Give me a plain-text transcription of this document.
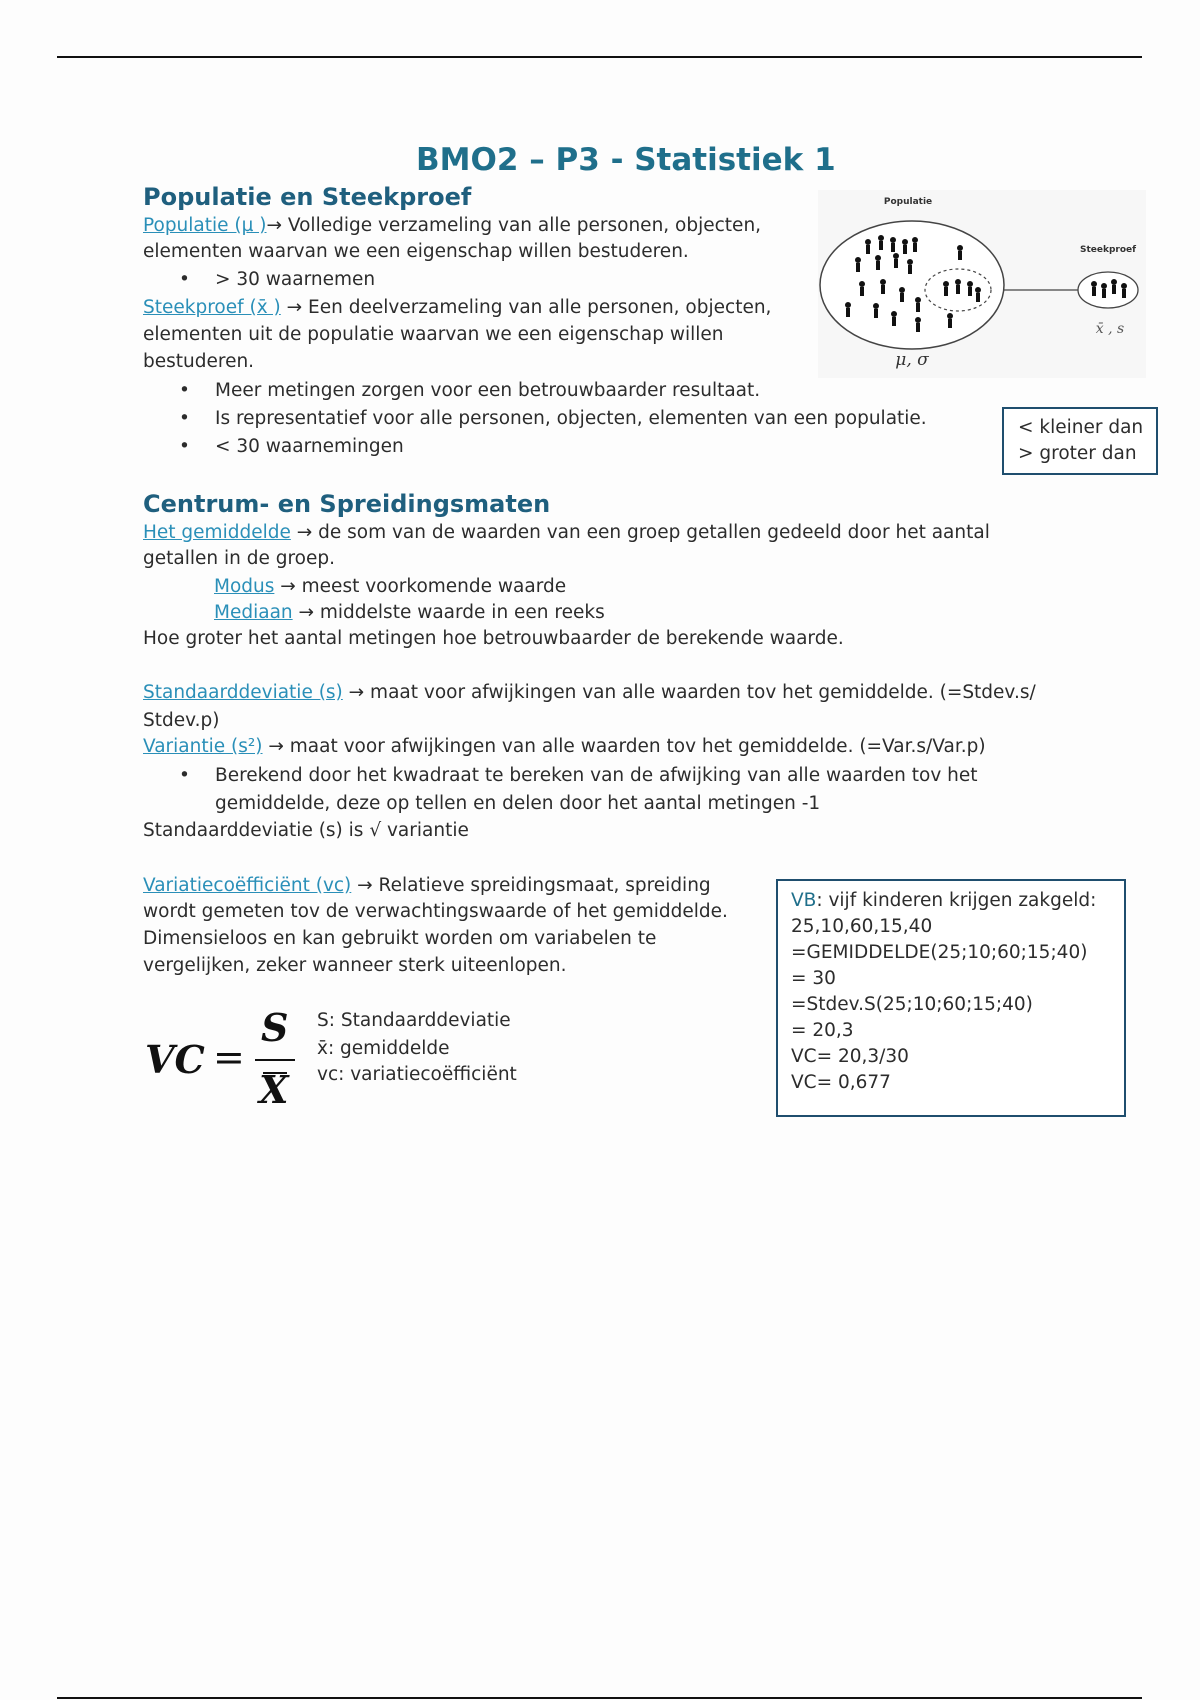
BMO2 – P3 - Statistiek 1
Populatie en Steekproef
Populatie (µ )→ Volledige verzameling van alle personen, objecten,
elementen waarvan we een eigenschap willen bestuderen.
• > 30 waarnemen
Steekproef (x̄ ) → Een deelverzameling van alle personen, objecten,
elementen uit de populatie waarvan we een eigenschap willen
bestuderen.
• Meer metingen zorgen voor een betrouwbaarder resultaat.
• Is representatief voor alle personen, objecten, elementen van een populatie.
• < 30 waarnemingen
Populatie
Steekproef
μ, σ
x̄ , s
< kleiner dan
> groter dan
Centrum- en Spreidingsmaten
Het gemiddelde → de som van de waarden van een groep getallen gedeeld door het aantal
getallen in de groep.
Modus → meest voorkomende waarde
Mediaan → middelste waarde in een reeks
Hoe groter het aantal metingen hoe betrouwbaarder de berekende waarde.
Standaarddeviatie (s) → maat voor afwijkingen van alle waarden tov het gemiddelde. (=Stdev.s/
Stdev.p)
Variantie (s²) → maat voor afwijkingen van alle waarden tov het gemiddelde. (=Var.s/Var.p)
• Berekend door het kwadraat te bereken van de afwijking van alle waarden tov het
gemiddelde, deze op tellen en delen door het aantal metingen -1
Standaarddeviatie (s) is √ variantie
Variatiecoëfficiënt (vc) → Relatieve spreidingsmaat, spreiding
wordt gemeten tov de verwachtingswaarde of het gemiddelde.
Dimensieloos en kan gebruikt worden om variabelen te
vergelijken, zeker wanneer sterk uiteenlopen.
VC =
S
X
S: Standaarddeviatie
x̄: gemiddelde
vc: variatiecoëfficiënt
VB: vijf kinderen krijgen zakgeld:
25,10,60,15,40
=GEMIDDELDE(25;10;60;15;40)
= 30
=Stdev.S(25;10;60;15;40)
= 20,3
VC= 20,3/30
VC= 0,677
